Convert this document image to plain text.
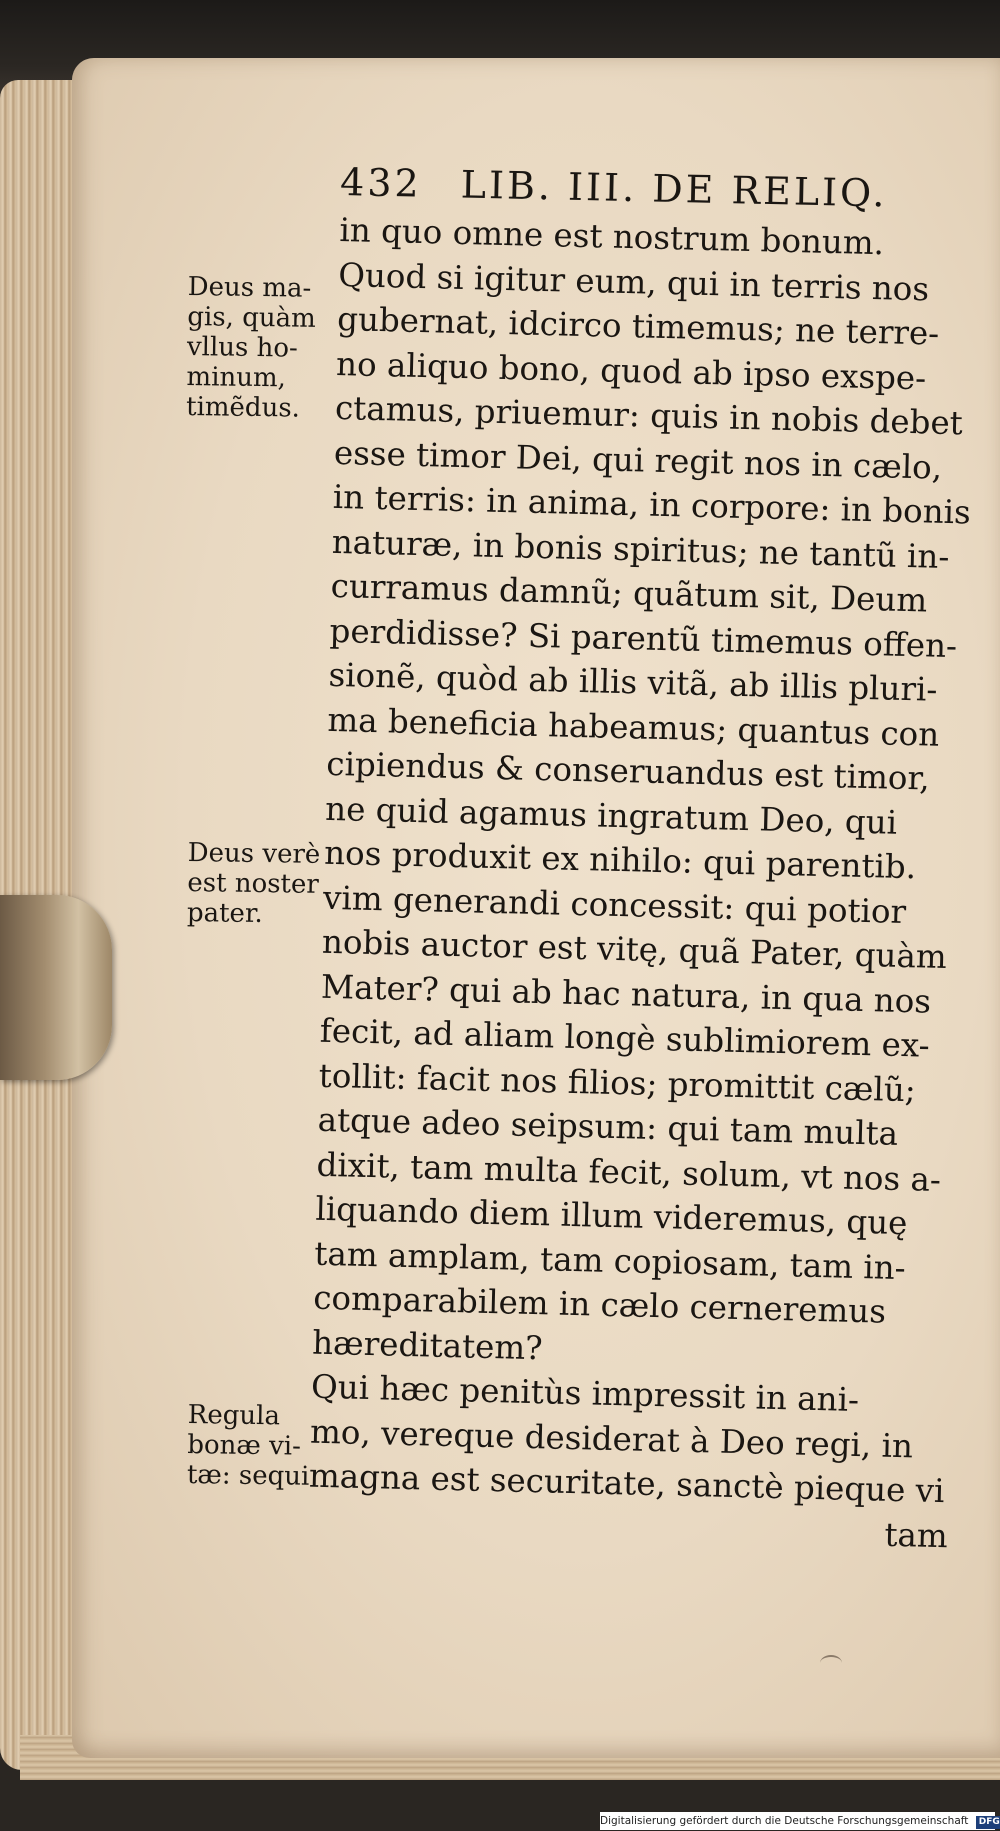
432 LIB. III. DE RELIQ.
in quo omne est nostrum bonum.
Quod si igitur eum, qui in terris nos
gubernat, idcirco timemus; ne terre-
no aliquo bono, quod ab ipso exspe-
ctamus, priuemur: quis in nobis debet
esse timor Dei, qui regit nos in cælo,
in terris: in anima, in corpore: in bonis
naturæ, in bonis spiritus; ne tantũ in-
curramus damnũ; quãtum sit, Deum
perdidisse? Si parentũ timemus offen-
sionẽ, quòd ab illis vitã, ab illis pluri-
ma beneficia habeamus; quantus con
cipiendus & conseruandus est timor,
ne quid agamus ingratum Deo, qui
nos produxit ex nihilo: qui parentib.
vim generandi concessit: qui potior
nobis auctor est vitę, quã Pater, quàm
Mater? qui ab hac natura, in qua nos
fecit, ad aliam longè sublimiorem ex-
tollit: facit nos filios; promittit cælũ;
atque adeo seipsum: qui tam multa
dixit, tam multa fecit, solum, vt nos a-
liquando diem illum videremus, quę
tam amplam, tam copiosam, tam in-
comparabilem in cælo cerneremus
hæreditatem?
Qui hæc penitùs impressit in ani-
mo, vereque desiderat à Deo regi, in
magna est securitate, sanctè pieque vi
tam
Deus ma-
gis, quàm
vllus ho-
minum,
timẽdus.
Deus verè
est noster
pater.
Regula
bonæ vi-
tæ: sequi
Digitalisierung gefördert durch die Deutsche Forschungsgemeinschaft DFG
